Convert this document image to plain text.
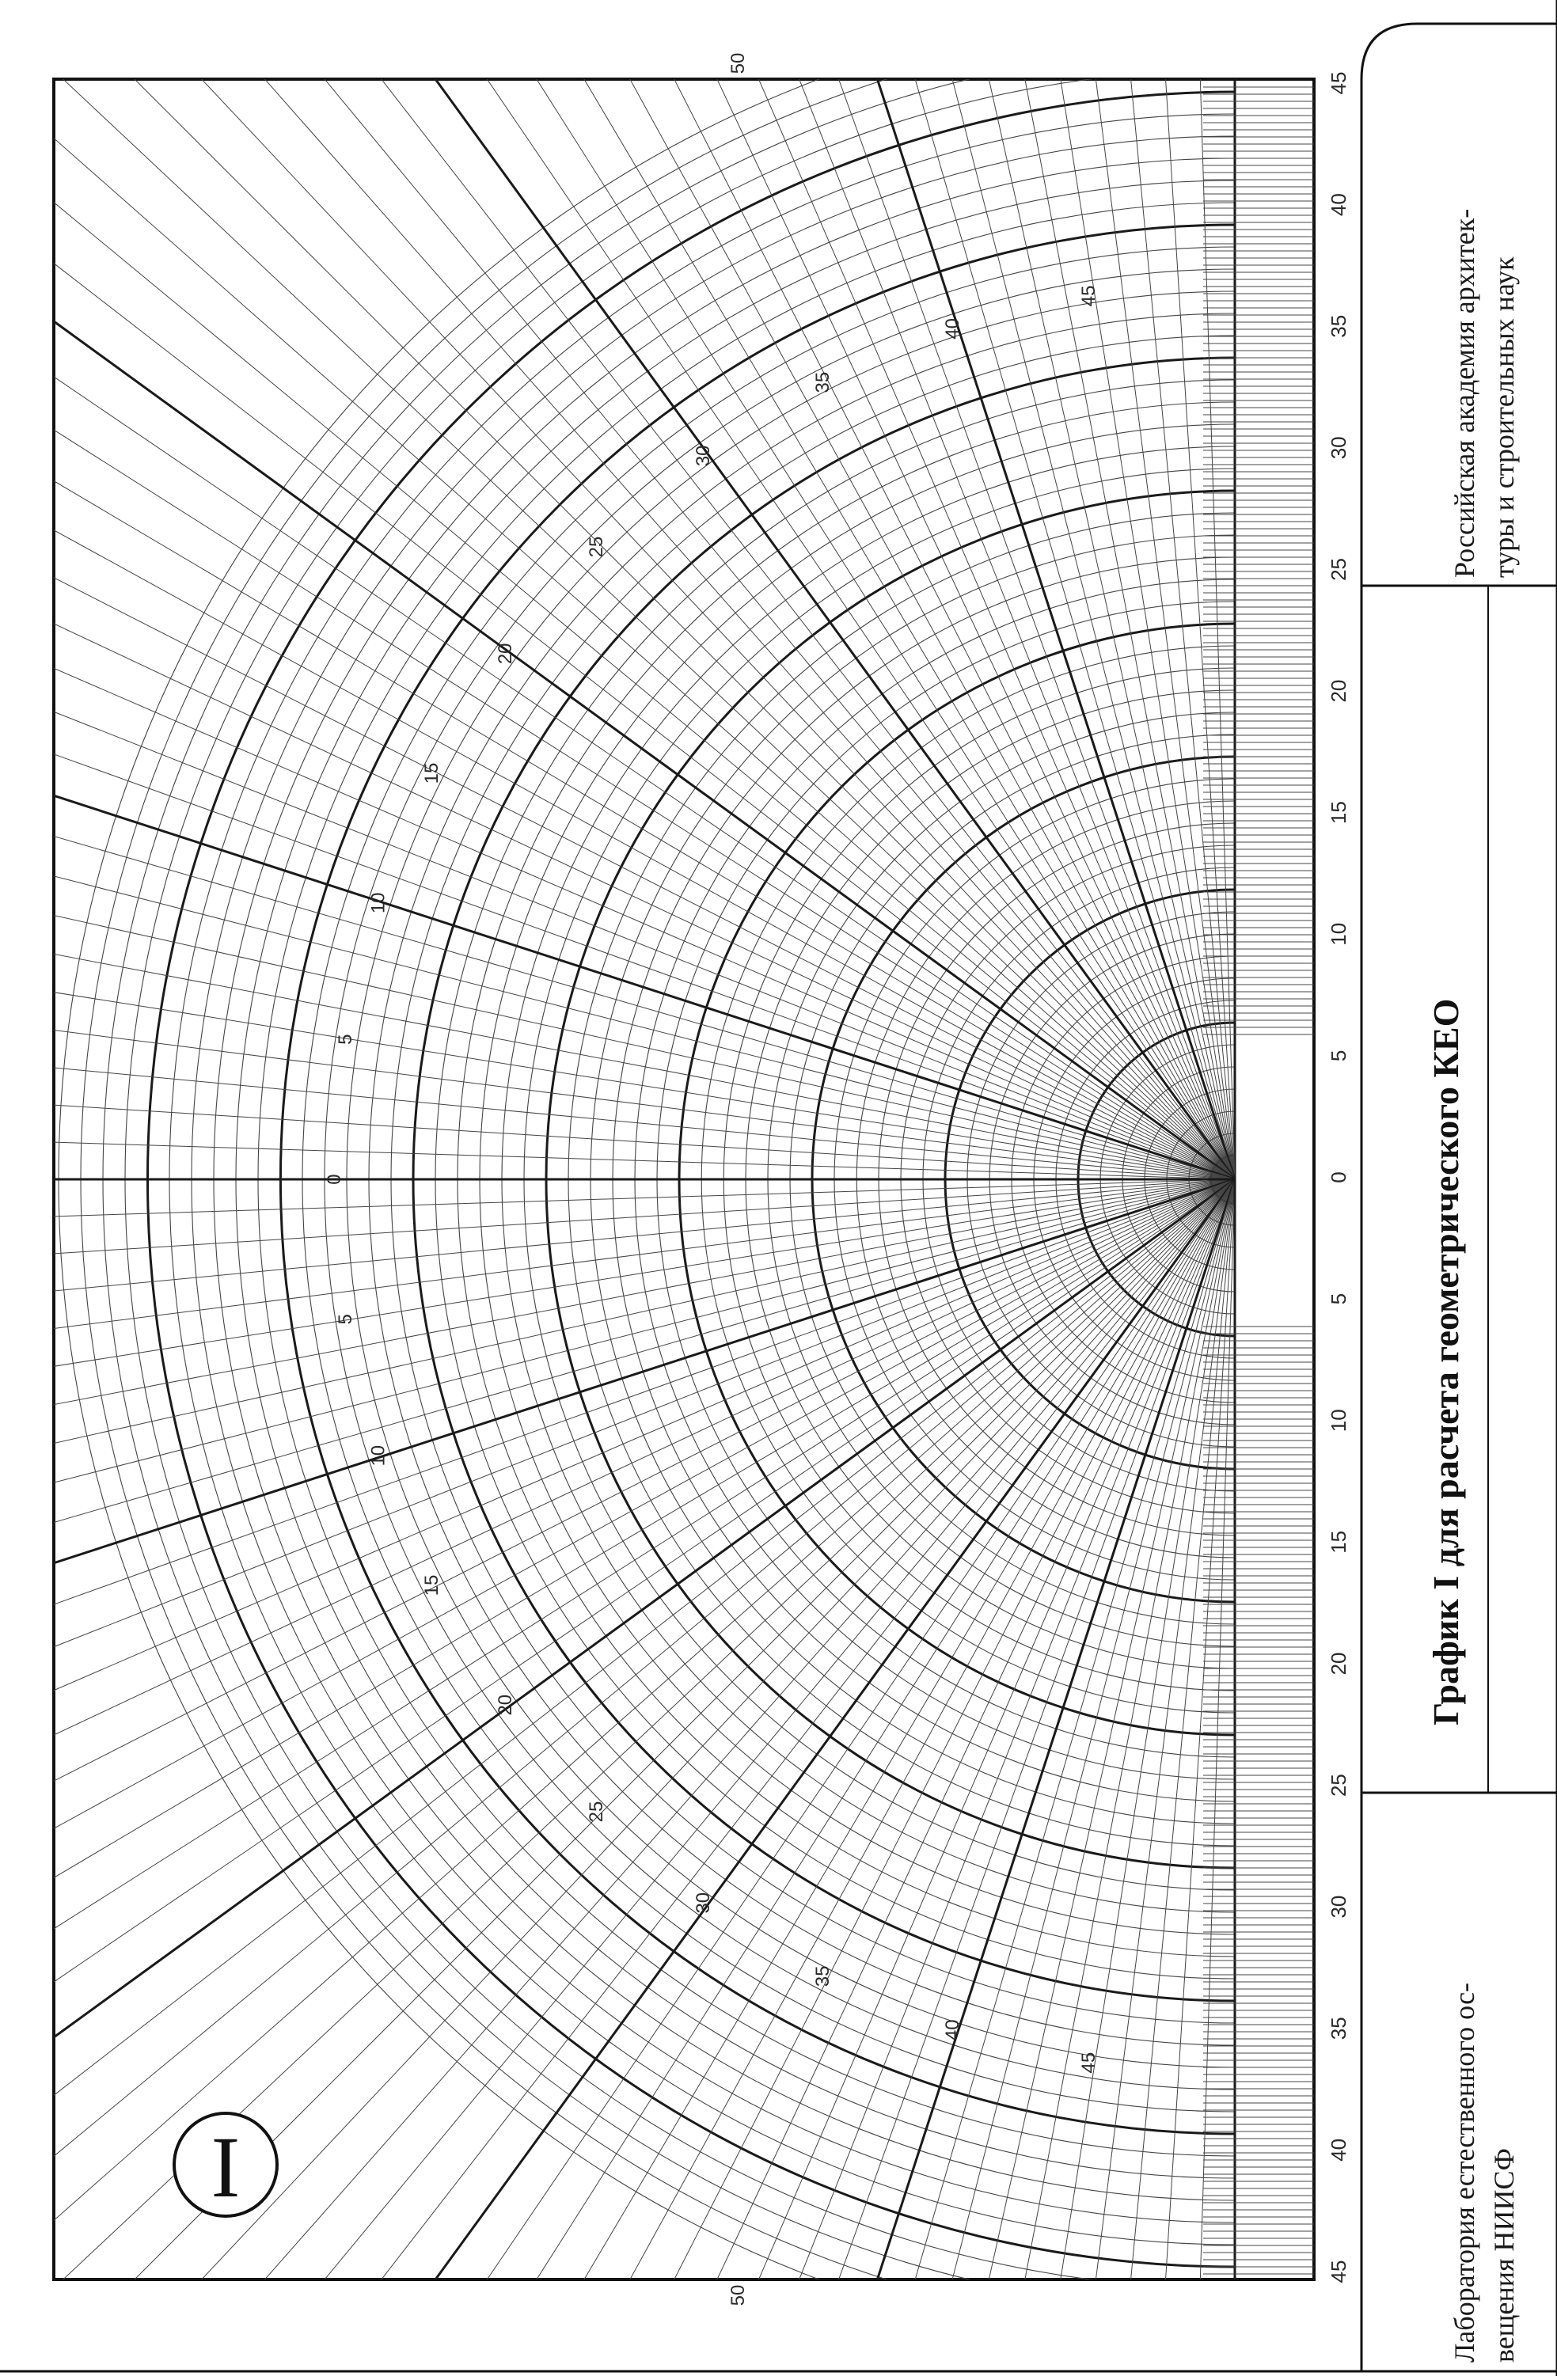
45
40
35
30
25
20
15
10
5
0
5
10
15
20
25
30
35
40
45
50
45
40
35
30
25
20
15
10
5
0
5
10
15
20
25
30
35
40
45
50
Российская академия архитек- туры и строительных наук
График I для расчета геометрического КЕО
Лаборатория естественного ос- вещения НИИСФ
I
